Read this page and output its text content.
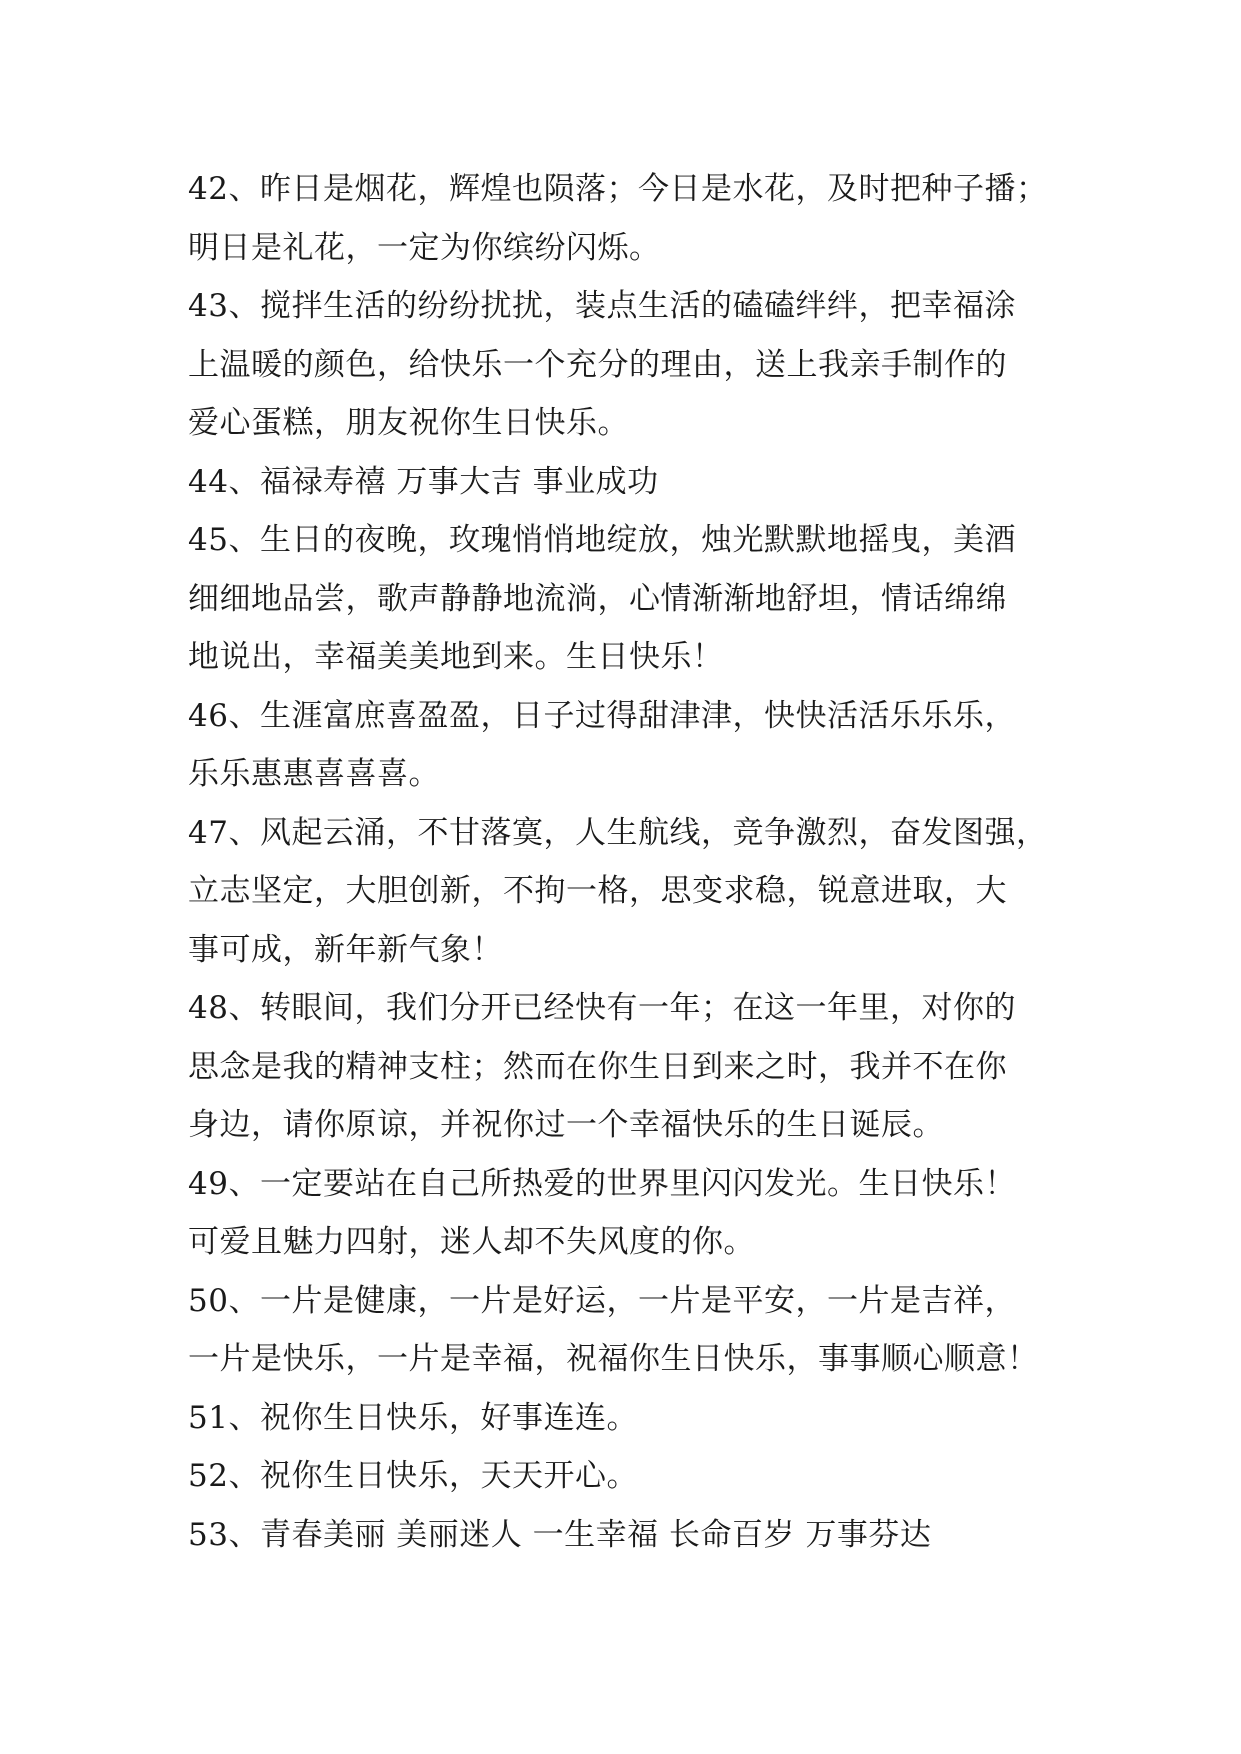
42、昨日是烟花，辉煌也陨落；今日是水花，及时把种子播；
明日是礼花，一定为你缤纷闪烁。
43、搅拌生活的纷纷扰扰，装点生活的磕磕绊绊，把幸福涂
上温暖的颜色，给快乐一个充分的理由，送上我亲手制作的
爱心蛋糕，朋友祝你生日快乐。
44、福禄寿禧 万事大吉 事业成功
45、生日的夜晚，玫瑰悄悄地绽放，烛光默默地摇曳，美酒
细细地品尝，歌声静静地流淌，心情渐渐地舒坦，情话绵绵
地说出，幸福美美地到来。生日快乐！
46、生涯富庶喜盈盈，日子过得甜津津，快快活活乐乐乐，
乐乐惠惠喜喜喜。
47、风起云涌，不甘落寞，人生航线，竞争激烈，奋发图强，
立志坚定，大胆创新，不拘一格，思变求稳，锐意进取，大
事可成，新年新气象！
48、转眼间，我们分开已经快有一年；在这一年里，对你的
思念是我的精神支柱；然而在你生日到来之时，我并不在你
身边，请你原谅，并祝你过一个幸福快乐的生日诞辰。
49、一定要站在自己所热爱的世界里闪闪发光。生日快乐！
可爱且魅力四射，迷人却不失风度的你。
50、一片是健康，一片是好运，一片是平安，一片是吉祥，
一片是快乐，一片是幸福，祝福你生日快乐，事事顺心顺意！
51、祝你生日快乐，好事连连。
52、祝你生日快乐，天天开心。
53、青春美丽 美丽迷人 一生幸福 长命百岁 万事芬达
